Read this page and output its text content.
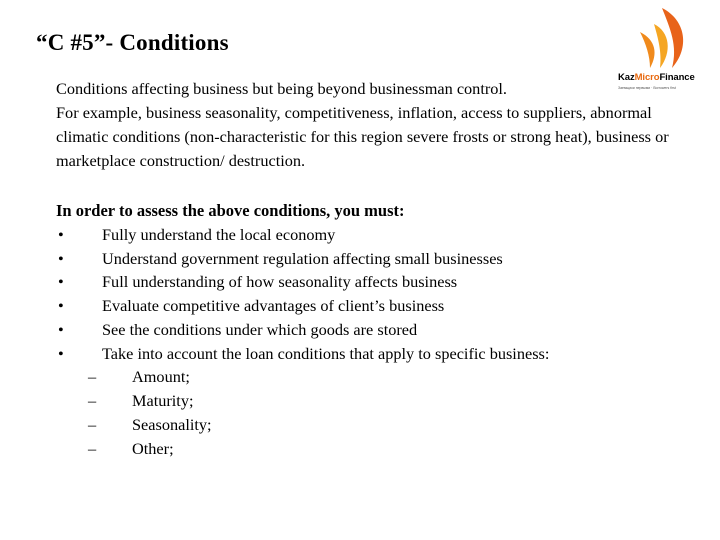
“C #5”- Conditions
KazMicroFinance
Заемщики первыми · Borrowers first

Conditions affecting business but being beyond businessman control.

For example, business seasonality, competitiveness, inflation, access to suppliers, abnormal climatic conditions (non-characteristic for this region severe frosts or strong heat), business or marketplace construction/ destruction.

In order to assess the above conditions, you must:
• Fully understand the local economy
• Understand government regulation affecting small businesses
• Full understanding of how seasonality affects business
• Evaluate competitive advantages of client’s business
• See the conditions under which goods are stored
• Take into account the loan conditions that apply to specific business:
– Amount;
– Maturity;
– Seasonality;
– Other;
